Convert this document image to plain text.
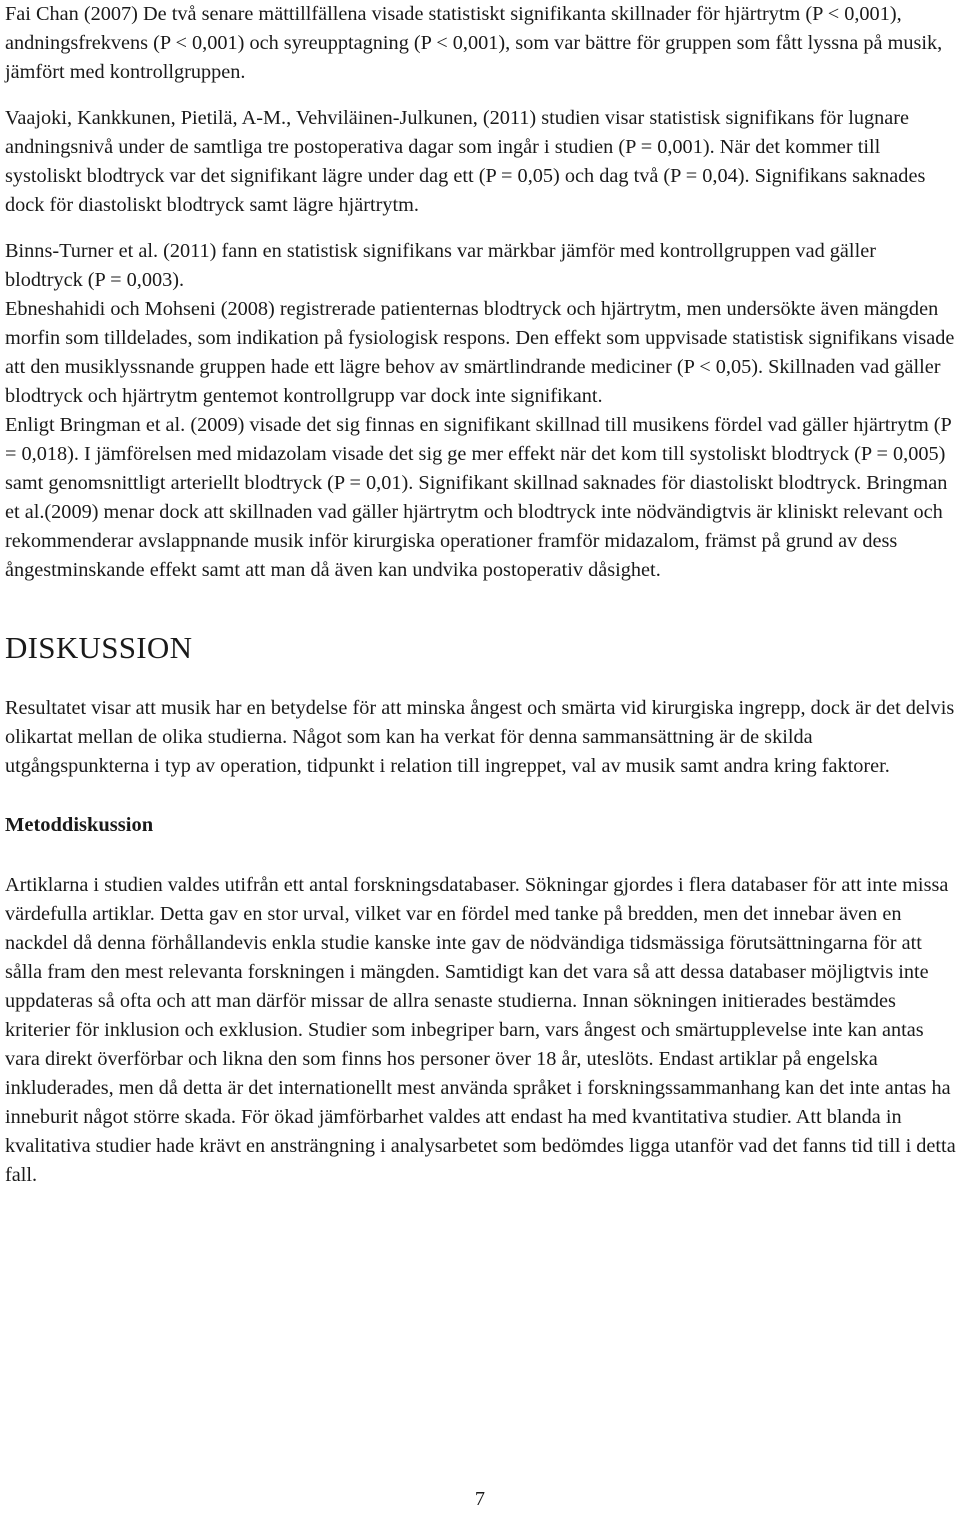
Fai Chan (2007) De två senare mättillfällena visade statistiskt signifikanta skillnader för hjärtrytm (P < 0,001), andningsfrekvens (P < 0,001) och syreupptagning (P < 0,001), som var bättre för gruppen som fått lyssna på musik, jämfört med kontrollgruppen.

Vaajoki, Kankkunen, Pietilä, A-M., Vehviläinen-Julkunen, (2011) studien visar statistisk signifikans för lugnare andningsnivå under de samtliga tre postoperativa dagar som ingår i studien (P = 0,001). När det kommer till systoliskt blodtryck var det signifikant lägre under dag ett (P = 0,05) och dag två (P = 0,04). Signifikans saknades dock för diastoliskt blodtryck samt lägre hjärtrytm.

Binns-Turner et al. (2011) fann en statistisk signifikans var märkbar jämför med kontrollgruppen vad gäller blodtryck (P = 0,003).

Ebneshahidi och Mohseni (2008) registrerade patienternas blodtryck och hjärtrytm, men undersökte även mängden morfin som tilldelades, som indikation på fysiologisk respons. Den effekt som uppvisade statistisk signifikans visade att den musiklyssnande gruppen hade ett lägre behov av smärtlindrande mediciner (P < 0,05). Skillnaden vad gäller blodtryck och hjärtrytm gentemot kontrollgrupp var dock inte signifikant.

Enligt Bringman et al. (2009) visade det sig finnas en signifikant skillnad till musikens fördel vad gäller hjärtrytm (P = 0,018). I jämförelsen med midazolam visade det sig ge mer effekt när det kom till systoliskt blodtryck (P = 0,005) samt genomsnittligt arteriellt blodtryck (P = 0,01). Signifikant skillnad saknades för diastoliskt blodtryck. Bringman et al.(2009) menar dock att skillnaden vad gäller hjärtrytm och blodtryck inte nödvändigtvis är kliniskt relevant och rekommenderar avslappnande musik inför kirurgiska operationer framför midazalom, främst på grund av dess ångestminskande effekt samt att man då även kan undvika postoperativ dåsighet.

DISKUSSION

Resultatet visar att musik har en betydelse för att minska ångest och smärta vid kirurgiska ingrepp, dock är det delvis olikartat mellan de olika studierna. Något som kan ha verkat för denna sammansättning är de skilda utgångspunkterna i typ av operation, tidpunkt i relation till ingreppet, val av musik samt andra kring faktorer.

Metoddiskussion

Artiklarna i studien valdes utifrån ett antal forskningsdatabaser. Sökningar gjordes i flera databaser för att inte missa värdefulla artiklar. Detta gav en stor urval, vilket var en fördel med tanke på bredden, men det innebar även en nackdel då denna förhållandevis enkla studie kanske inte gav de nödvändiga tidsmässiga förutsättningarna för att sålla fram den mest relevanta forskningen i mängden. Samtidigt kan det vara så att dessa databaser möjligtvis inte uppdateras så ofta och att man därför missar de allra senaste studierna. Innan sökningen initierades bestämdes kriterier för inklusion och exklusion. Studier som inbegriper barn, vars ångest och smärtupplevelse inte kan antas vara direkt överförbar och likna den som finns hos personer över 18 år, uteslöts. Endast artiklar på engelska inkluderades, men då detta är det internationellt mest använda språket i forskningssammanhang kan det inte antas ha inneburit något större skada. För ökad jämförbarhet valdes att endast ha med kvantitativa studier. Att blanda in kvalitativa studier hade krävt en ansträngning i analysarbetet som bedömdes ligga utanför vad det fanns tid till i detta fall.

7
